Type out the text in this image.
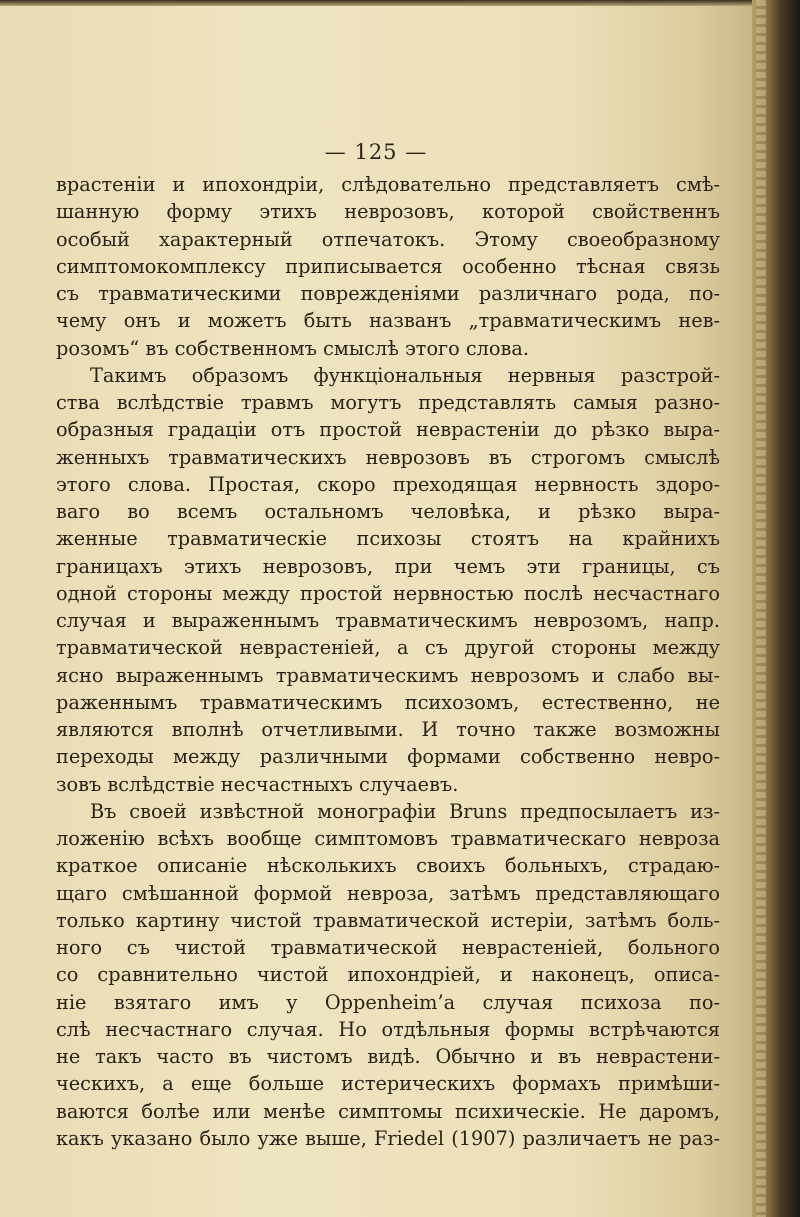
— 125 —
врастеніи и ипохондріи, слѣдовательно представляетъ смѣ-
шанную форму этихъ неврозовъ, которой свойственнъ
особый характерный отпечатокъ. Этому своеобразному
симптомокомплексу приписывается особенно тѣсная связь
съ травматическими поврежденіями различнаго рода, по-
чему онъ и можетъ быть названъ „травматическимъ нев-
розомъ“ въ собственномъ смыслѣ этого слова.
Такимъ образомъ функціональныя нервныя разстрой-
ства вслѣдствіе травмъ могутъ представлять самыя разно-
образныя градаціи отъ простой неврастеніи до рѣзко выра-
женныхъ травматическихъ неврозовъ въ строгомъ смыслѣ
этого слова. Простая, скоро преходящая нервность здоро-
ваго во всемъ остальномъ человѣка, и рѣзко выра-
женные травматическіе психозы стоятъ на крайнихъ
границахъ этихъ неврозовъ, при чемъ эти границы, съ
одной стороны между простой нервностью послѣ несчастнаго
случая и выраженнымъ травматическимъ неврозомъ, напр.
травматической неврастеніей, а съ другой стороны между
ясно выраженнымъ травматическимъ неврозомъ и слабо вы-
раженнымъ травматическимъ психозомъ, естественно, не
являются вполнѣ отчетливыми. И точно также возможны
переходы между различными формами собственно невро-
зовъ вслѣдствіе несчастныхъ случаевъ.
Въ своей извѣстной монографіи Bruns предпосылаетъ из-
ложенію всѣхъ вообще симптомовъ травматическаго невроза
краткое описаніе нѣсколькихъ своихъ больныхъ, страдаю-
щаго смѣшанной формой невроза, затѣмъ представляющаго
только картину чистой травматической истеріи, затѣмъ боль-
ного съ чистой травматической неврастеніей, больного
со сравнительно чистой ипохондріей, и наконецъ, описа-
ніе взятаго имъ у Oppenheim’а случая психоза по-
слѣ несчастнаго случая. Но отдѣльныя формы встрѣчаются
не такъ часто въ чистомъ видѣ. Обычно и въ неврастени-
ческихъ, а еще больше истерическихъ формахъ примѣши-
ваются болѣе или менѣе симптомы психическіе. Не даромъ,
какъ указано было уже выше, Friedel (1907) различаетъ не раз-
